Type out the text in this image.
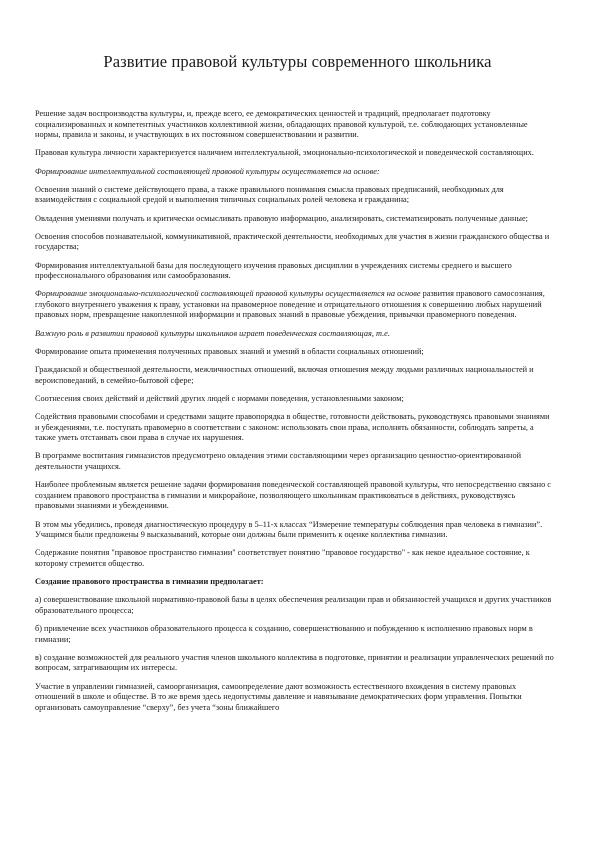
Развитие правовой культуры современного школьника

Решение задач воспроизводства культуры, и, прежде всего, ее демократических ценностей и традиций, предполагает подготовку социализированных и компетентных участников коллективной жизни, обладающих правовой культурой, т.е. соблюдающих установленные нормы, правила и законы, и участвующих в их постоянном совершенствовании и развитии.

Правовая культура личности характеризуется наличием интеллектуальной, эмоционально-психологической и поведенческой составляющих.

Формирование интеллектуальной составляющей правовой культуры осуществляется на основе:

Освоения знаний о системе действующего права, а также правильного понимания смысла правовых предписаний, необходимых для взаимодействия с социальной средой и выполнения типичных социальных ролей человека и гражданина;

Овладения умениями получать и критически осмысливать правовую информацию, анализировать, систематизировать полученные данные;

Освоения способов познавательной, коммуникативной, практической деятельности, необходимых для участия в жизни гражданского общества и государства;

Формирования интеллектуальной базы для последующего изучения правовых дисциплин в учреждениях системы среднего и высшего профессионального образования или самообразования.

Формирование эмоционально-психологической составляющей правовой культуры осуществляется на основе развития правового самосознания, глубокого внутреннего уважения к праву, установки на правомерное поведение и отрицательного отношения к совершению любых нарушений правовых норм, превращение накопленной информации и правовых знаний в правовые убеждения, привычки правомерного поведения.

Важную роль в развитии правовой культуры школьников играет поведенческая составляющая, т.е.

Формирование опыта применения полученных правовых знаний и умений в области социальных отношений;

Гражданской и общественной деятельности, межличностных отношений, включая отношения между людьми различных национальностей и вероисповеданий, в семейно-бытовой сфере;

Соотнесения своих действий и действий других людей с нормами поведения, установленными законом;

Содействия правовыми способами и средствами защите правопорядка в обществе, готовности действовать, руководствуясь правовыми знаниями и убеждениями, т.е. поступать правомерно в соответствии с законом: использовать свои права, исполнять обязанности, соблюдать запреты, а также уметь отстаивать свои права в случае их нарушения.

В программе воспитания гимназистов предусмотрено овладения этими составляющими через организацию ценностно-ориентированной деятельности учащихся.

Наиболее проблемным является решение задачи формирования поведенческой составляющей правовой культуры, что непосредственно связано с созданием правового пространства в гимназии и микрорайоне, позволяющего школьникам практиковаться в действиях, руководствуясь правовыми знаниями и убеждениями.

В этом мы убедились, проведя диагностическую процедуру в 5–11-х классах “Измерение температуры соблюдения прав человека в гимназии”. Учащимся были предложены 9 высказываний, которые они должны были применить к оценке коллектива гимназии.

Содержание понятия "правовое пространство гимназии" соответствует понятию "правовое государство" - как некое идеальное состояние, к которому стремится общество.

Создание правового пространства в гимназии предполагает:

а) совершенствование школьной нормативно-правовой базы в целях обеспечения реализации прав и обязанностей учащихся и других участников образовательного процесса;

б) привлечение всех участников образовательного процесса к созданию, совершенствованию и побуждению к исполнению правовых норм в гимназии;

в) создание возможностей для реального участия членов школьного коллектива в подготовке, принятии и реализации управленческих решений по вопросам, затрагивающим их интересы.

Участие в управлении гимназией, самоорганизация, самоопределение дают возможность естественного вхождения в систему правовых отношений в школе и обществе. В то же время здесь недопустимы давление и навязывание демократических форм управления. Попытки организовать самоуправление “сверху”, без учета “зоны ближайшего
